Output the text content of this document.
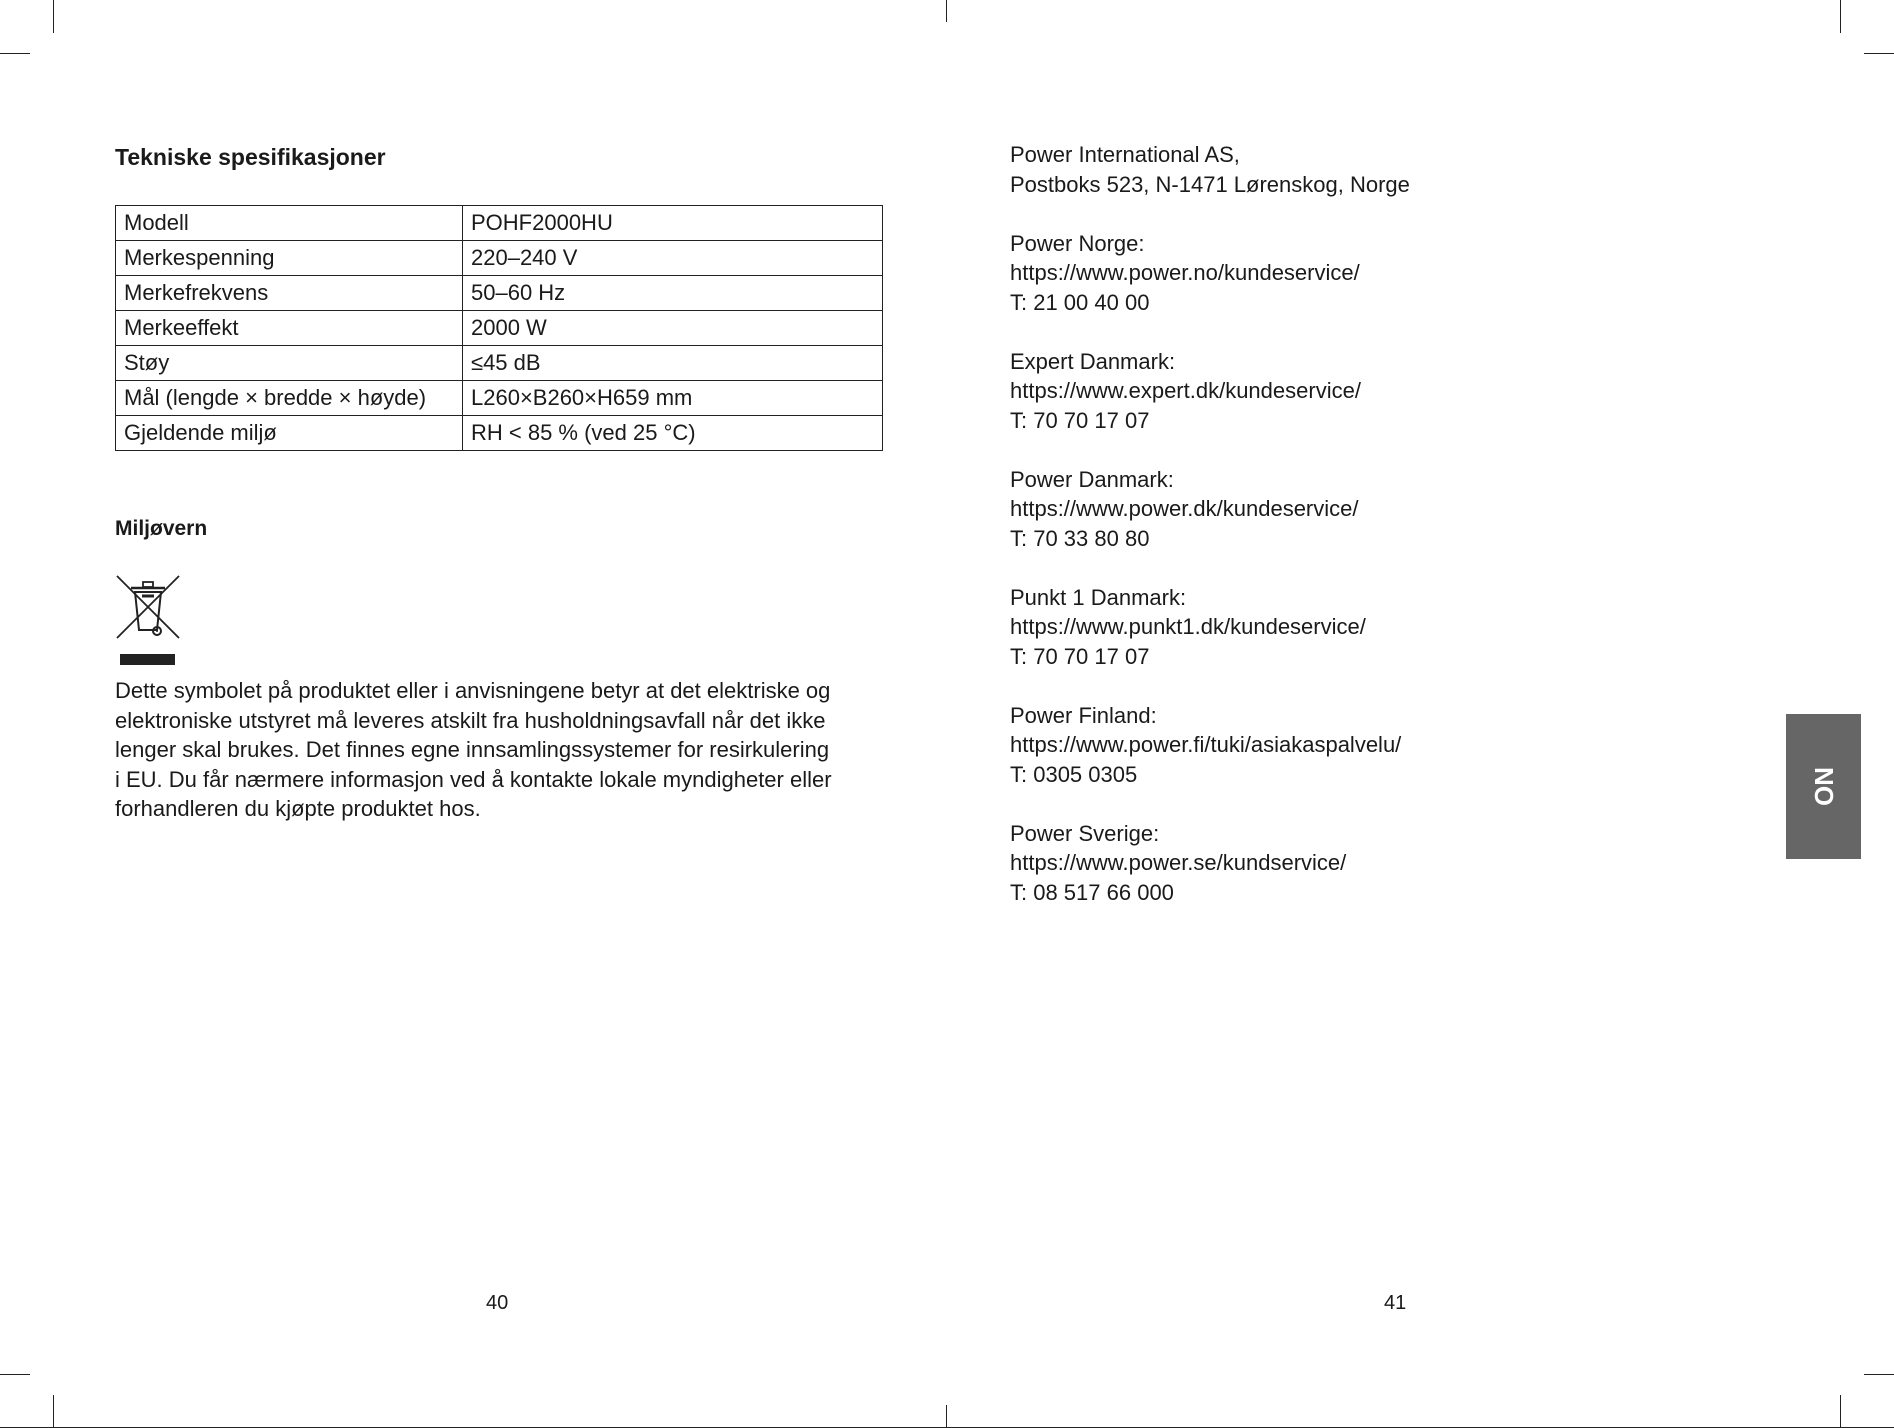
Tekniske spesifikasjoner
Modell	POHF2000HU
Merkespenning	220–240 V
Merkefrekvens	50–60 Hz
Merkeeffekt	2000 W
Støy	≤45 dB
Mål (lengde × bredde × høyde)	L260×B260×H659 mm
Gjeldende miljø	RH < 85 % (ved 25 °C)
Miljøvern

Dette symbolet på produktet eller i anvisningene betyr at det elektriske og
elektroniske utstyret må leveres atskilt fra husholdningsavfall når det ikke
lenger skal brukes. Det finnes egne innsamlingssystemer for resirkulering
i EU. Du får nærmere informasjon ved å kontakte lokale myndigheter eller
forhandleren du kjøpte produktet hos.

40
Power International AS,
Postboks 523, N-1471 Lørenskog, Norge
Power Norge:
https://www.power.no/kundeservice/
T: 21 00 40 00
Expert Danmark:
https://www.expert.dk/kundeservice/
T: 70 70 17 07
Power Danmark:
https://www.power.dk/kundeservice/
T: 70 33 80 80
Punkt 1 Danmark:
https://www.punkt1.dk/kundeservice/
T: 70 70 17 07
Power Finland:
https://www.power.fi/tuki/asiakaspalvelu/
T: 0305 0305
Power Sverige:
https://www.power.se/kundservice/
T: 08 517 66 000
41
NO
